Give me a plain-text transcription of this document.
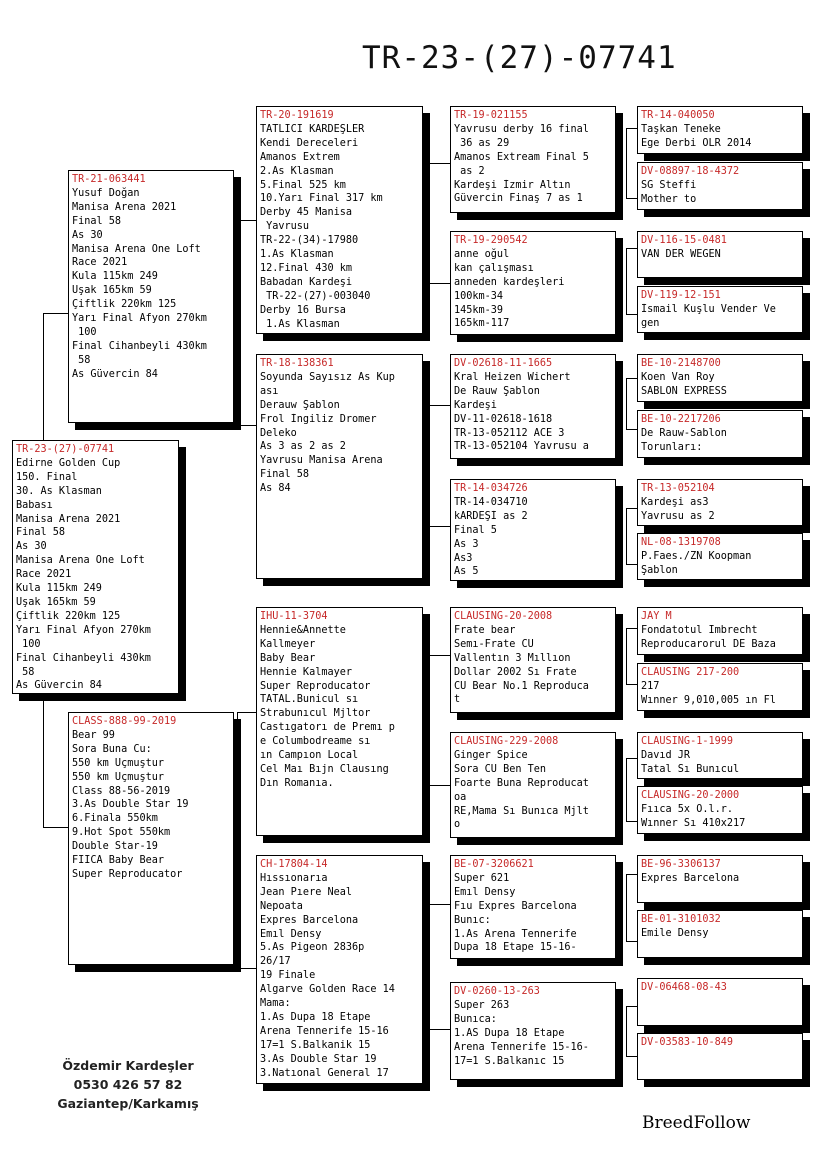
TR-23-(27)-07741
TR-23-(27)-07741
Edirne Golden Cup
150. Final
30. As Klasman
Babası
Manisa Arena 2021
Final 58
As 30
Manisa Arena One Loft
Race 2021
Kula 115km 249
Uşak 165km 59
Çiftlik 220km 125
Yarı Final Afyon 270km
100
Final Cihanbeyli 430km
58
As Güvercin 84
TR-21-063441
Yusuf Doğan
Manisa Arena 2021
Final 58
As 30
Manisa Arena One Loft
Race 2021
Kula 115km 249
Uşak 165km 59
Çiftlik 220km 125
Yarı Final Afyon 270km
100
Final Cihanbeyli 430km
58
As Güvercin 84
CLASS-888-99-2019
Bear 99
Sora Buna Cu:
550 km Uçmuştur
550 km Uçmuştur
Class 88-56-2019
3.As Double Star 19
6.Finala 550km
9.Hot Spot 550km
Double Star-19
FIICA Baby Bear
Super Reproducator
TR-20-191619
TATLICI KARDEŞLER
Kendi Dereceleri
Amanos Extrem
2.As Klasman
5.Final 525 km
10.Yarı Final 317 km
Derby 45 Manisa
Yavrusu
TR-22-(34)-17980
1.As Klasman
12.Final 430 km
Babadan Kardeşi
TR-22-(27)-003040
Derby 16 Bursa
1.As Klasman
TR-18-138361
Soyunda Sayısız As Kup
ası
Derauw Şablon
Frol İngiliz Dromer
Deleko
As 3 as 2 as 2
Yavrusu Manisa Arena
Final 58
As 84
IHU-11-3704
Hennie&Annette
Kallmeyer
Baby Bear
Hennie Kalmayer
Super Reproducator
TATAL.Bunicul sı
Strabunıcul Mjltor
Castıgatorı de Premı p
e Columbodreame sı
ın Campıon Local
Cel Maı Bıjn Clausıng
Dın Romanıa.
CH-17804-14
Hıssıonarıa
Jean Pıere Neal
Nepoata
Expres Barcelona
Emıl Densy
5.As Pigeon 2836p
26/17
19 Finale
Algarve Golden Race 14
Mama:
1.As Dupa 18 Etape
Arena Tennerife 15-16
17=1 S.Balkanik 15
3.As Double Star 19
3.Natıonal General 17
TR-19-021155
Yavrusu derby 16 final
36 as 29
Amanos Extream Final 5
as 2
Kardeşi İzmir Altın
Güvercin Finaş 7 as 1
TR-19-290542
anne oğul
kan çalışması
anneden kardeşleri
100km-34
145km-39
165km-117
DV-02618-11-1665
Kral Heizen Wichert
De Rauw Şablon
Kardeşi
DV-11-02618-1618
TR-13-052112 ACE 3
TR-13-052104 Yavrusu a
TR-14-034726
TR-14-034710
kARDEŞİ as 2
Final 5
As 3
As3
As 5
CLAUSING-20-2008
Frate bear
Semı-Frate CU
Vallentın 3 Mıllıon
Dollar 2002 Sı Frate
CU Bear No.1 Reproduca
t
CLAUSING-229-2008
Ginger Spice
Sora CU Ben Ten
Foarte Buna Reproducat
oa
RE,Mama Sı Bunıca Mjlt
o
BE-07-3206621
Super 621
Emıl Densy
Fıu Expres Barcelona
Bunıc:
1.As Arena Tennerife
Dupa 18 Etape 15-16-
DV-0260-13-263
Super 263
Bunıca:
1.AS Dupa 18 Etape
Arena Tennerife 15-16-
17=1 S.Balkanıc 15
TR-14-040050
Taşkan Teneke
Ege Derbi OLR 2014
DV-08897-18-4372
SG Steffi
Mother to
DV-116-15-0481
VAN DER WEGEN
DV-119-12-151
İsmail Kuşlu Vender Ve
gen
BE-10-2148700
Koen Van Roy
SABLON EXPRESS
BE-10-2217206
De Rauw-Sablon
Torunları:
TR-13-052104
Kardeşi as3
Yavrusu as 2
NL-08-1319708
P.Faes./ZN Koopman
Şablon
JAY M
Fondatotul Imbrecht
Reproducarorul DE Baza
CLAUSING 217-200
217
Wınner 9,010,005 ın Fl
CLAUSING-1-1999
Davıd JR
Tatal Sı Bunıcul
CLAUSING-20-2000
Fııca 5x O.l.r.
Wınner Sı 410x217
BE-96-3306137
Expres Barcelona
BE-01-3101032
Emile Densy
DV-06468-08-43
DV-03583-10-849
Özdemir Kardeşler
0530 426 57 82
Gaziantep/Karkamış
BreedFollow
